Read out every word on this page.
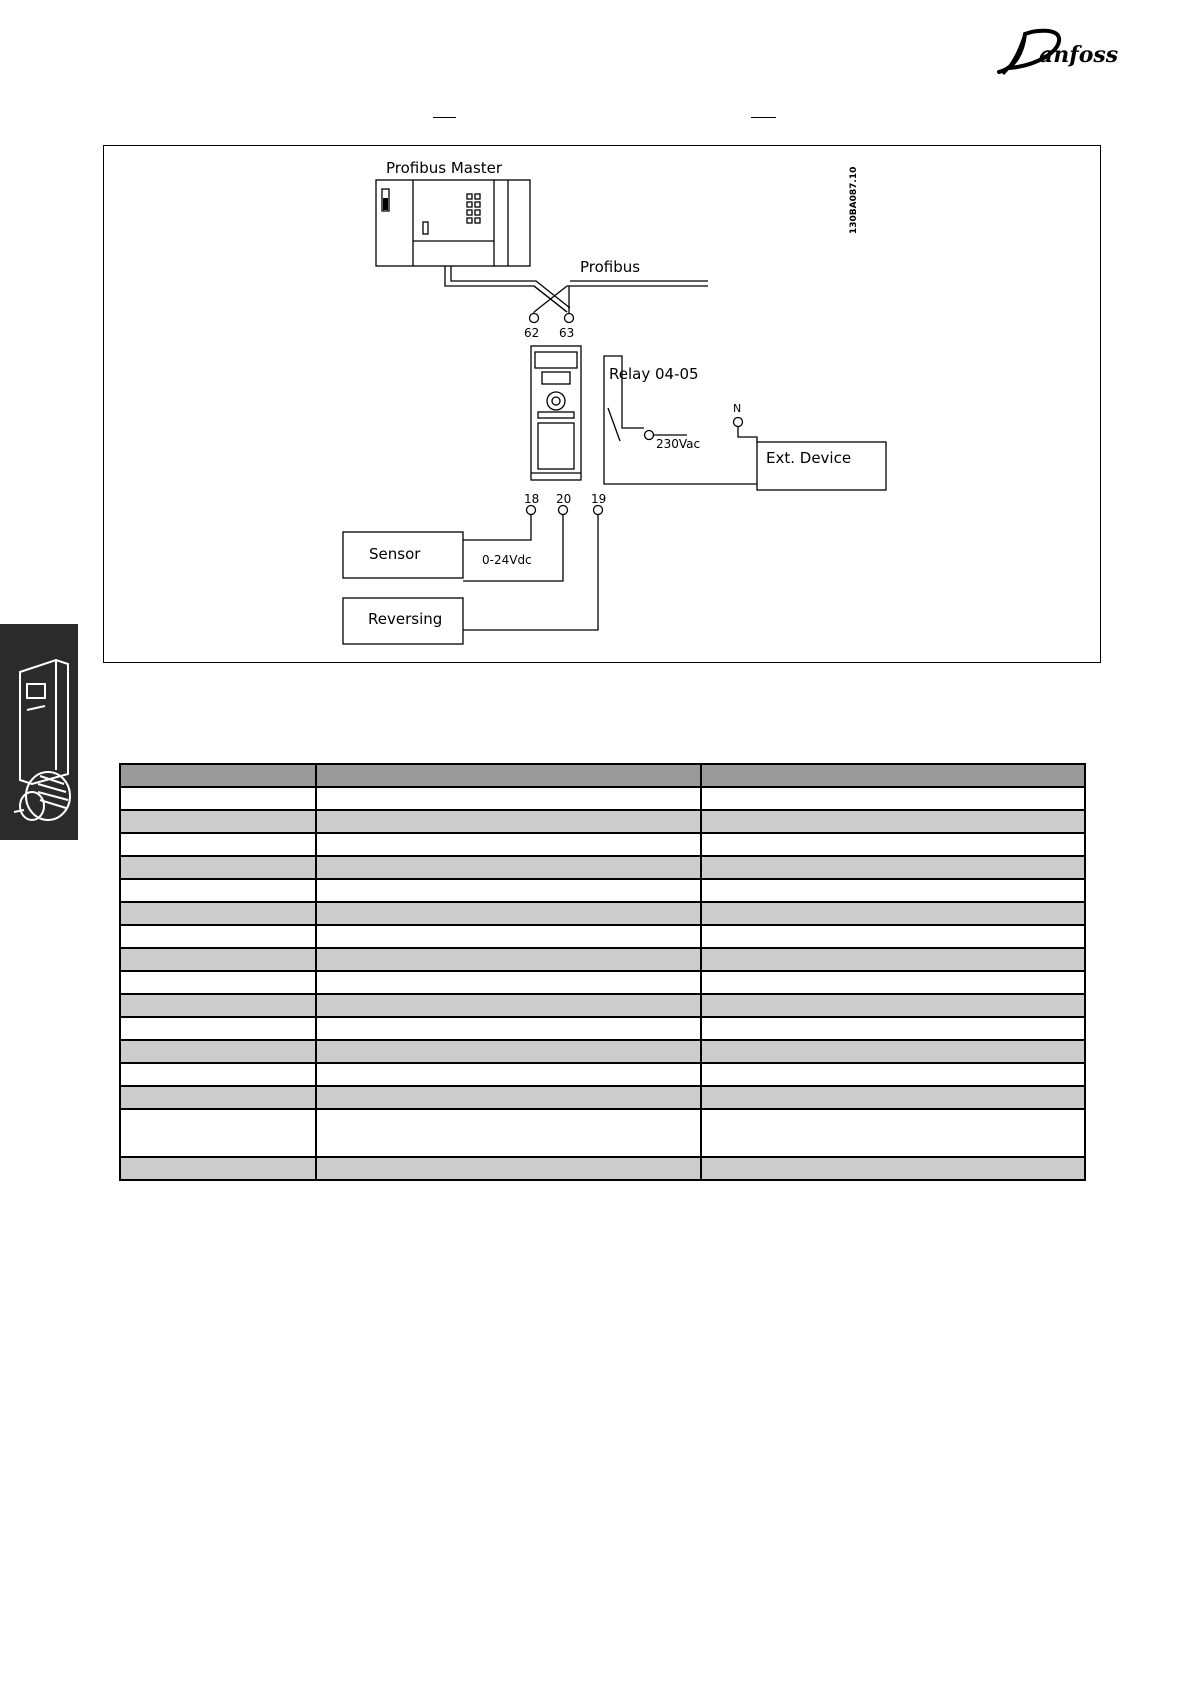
anfoss
Profibus Master
Profibus
130BA087.10
62 63
Relay 04-05
N
230Vac
Ext. Device
18 20 19
Sensor	0-24Vdc
Reversing
